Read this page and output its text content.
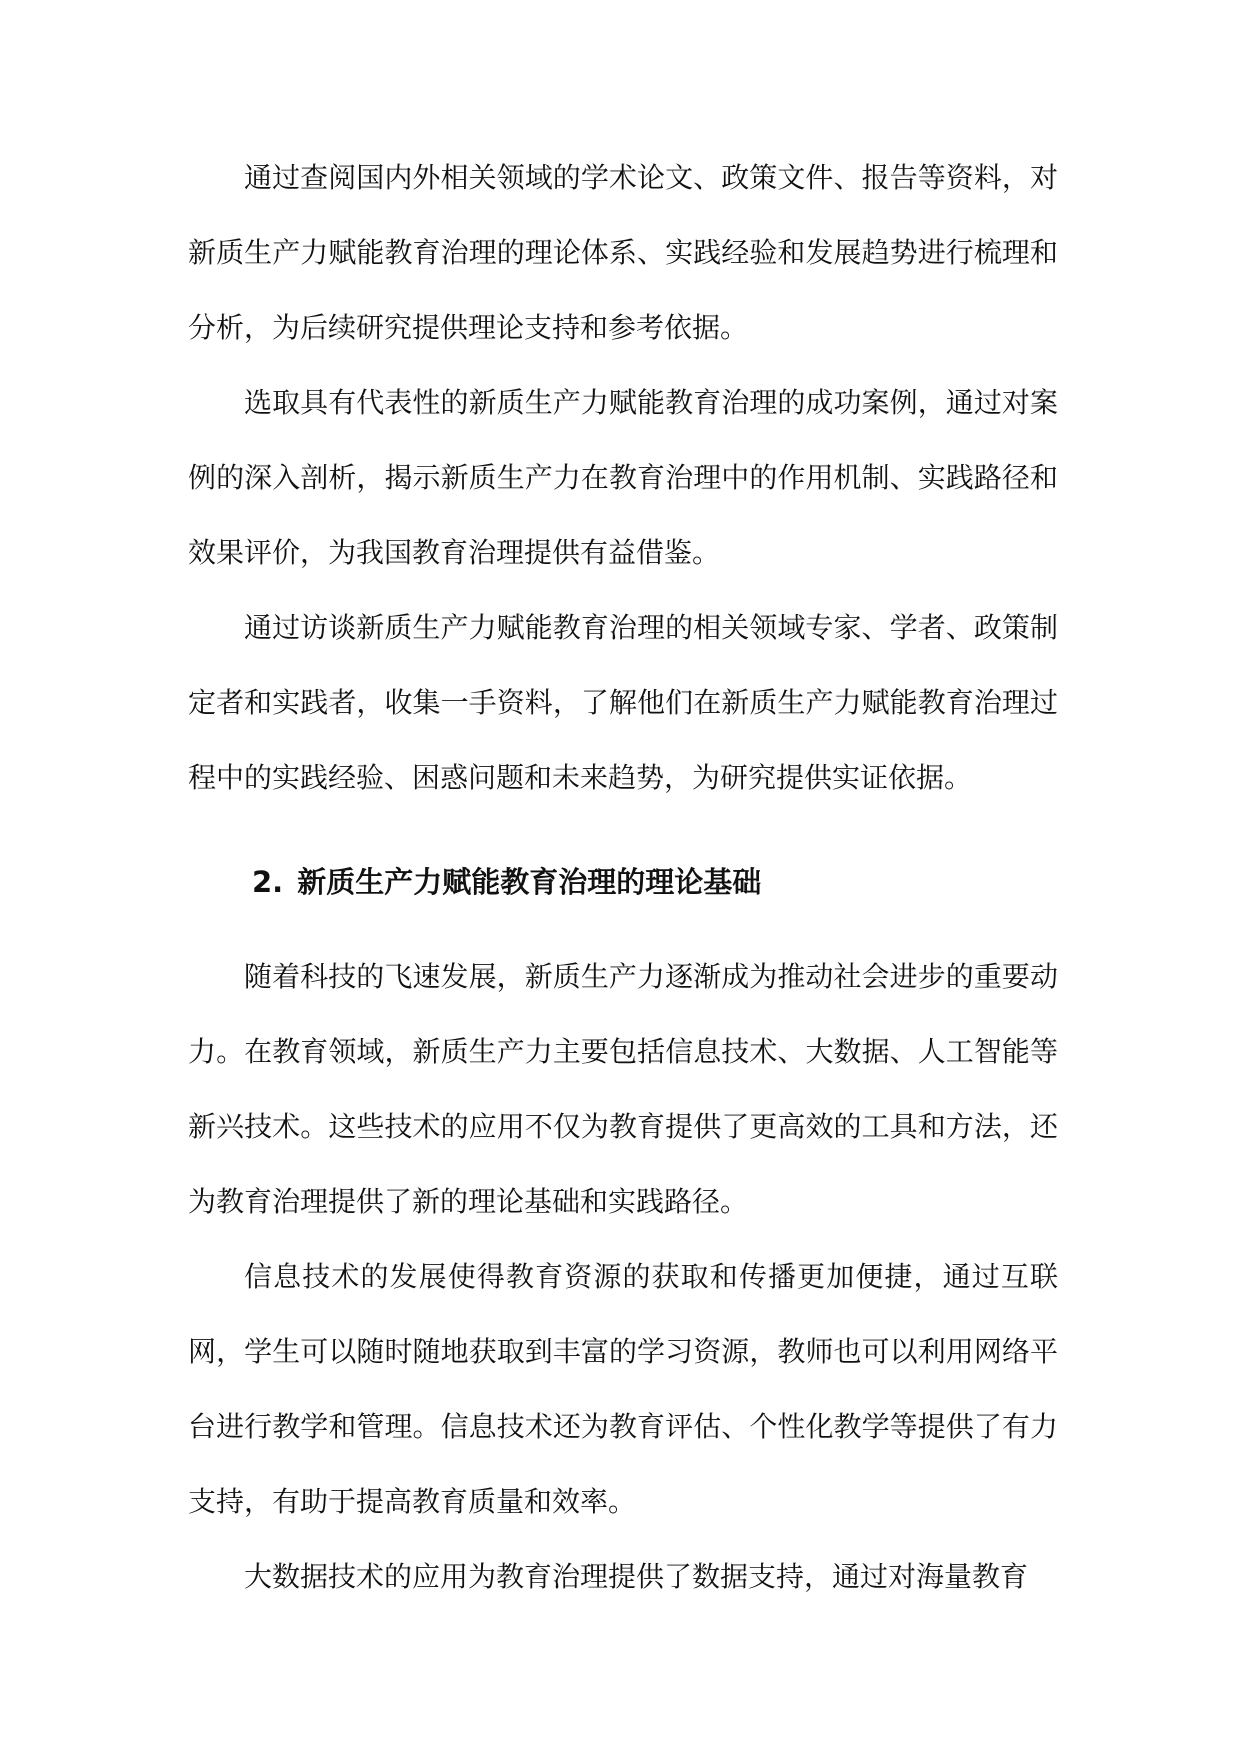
通过查阅国内外相关领域的学术论文、政策文件、报告等资料，对新质生产力赋能教育治理的理论体系、实践经验和发展趋势进行梳理和分析，为后续研究提供理论支持和参考依据。

选取具有代表性的新质生产力赋能教育治理的成功案例，通过对案例的深入剖析，揭示新质生产力在教育治理中的作用机制、实践路径和效果评价，为我国教育治理提供有益借鉴。

通过访谈新质生产力赋能教育治理的相关领域专家、学者、政策制定者和实践者，收集一手资料，了解他们在新质生产力赋能教育治理过程中的实践经验、困惑问题和未来趋势，为研究提供实证依据。

2. 新质生产力赋能教育治理的理论基础

随着科技的飞速发展，新质生产力逐渐成为推动社会进步的重要动力。在教育领域，新质生产力主要包括信息技术、大数据、人工智能等新兴技术。这些技术的应用不仅为教育提供了更高效的工具和方法，还为教育治理提供了新的理论基础和实践路径。

信息技术的发展使得教育资源的获取和传播更加便捷，通过互联网，学生可以随时随地获取到丰富的学习资源，教师也可以利用网络平台进行教学和管理。信息技术还为教育评估、个性化教学等提供了有力支持，有助于提高教育质量和效率。

大数据技术的应用为教育治理提供了数据支持，通过对海量教育
